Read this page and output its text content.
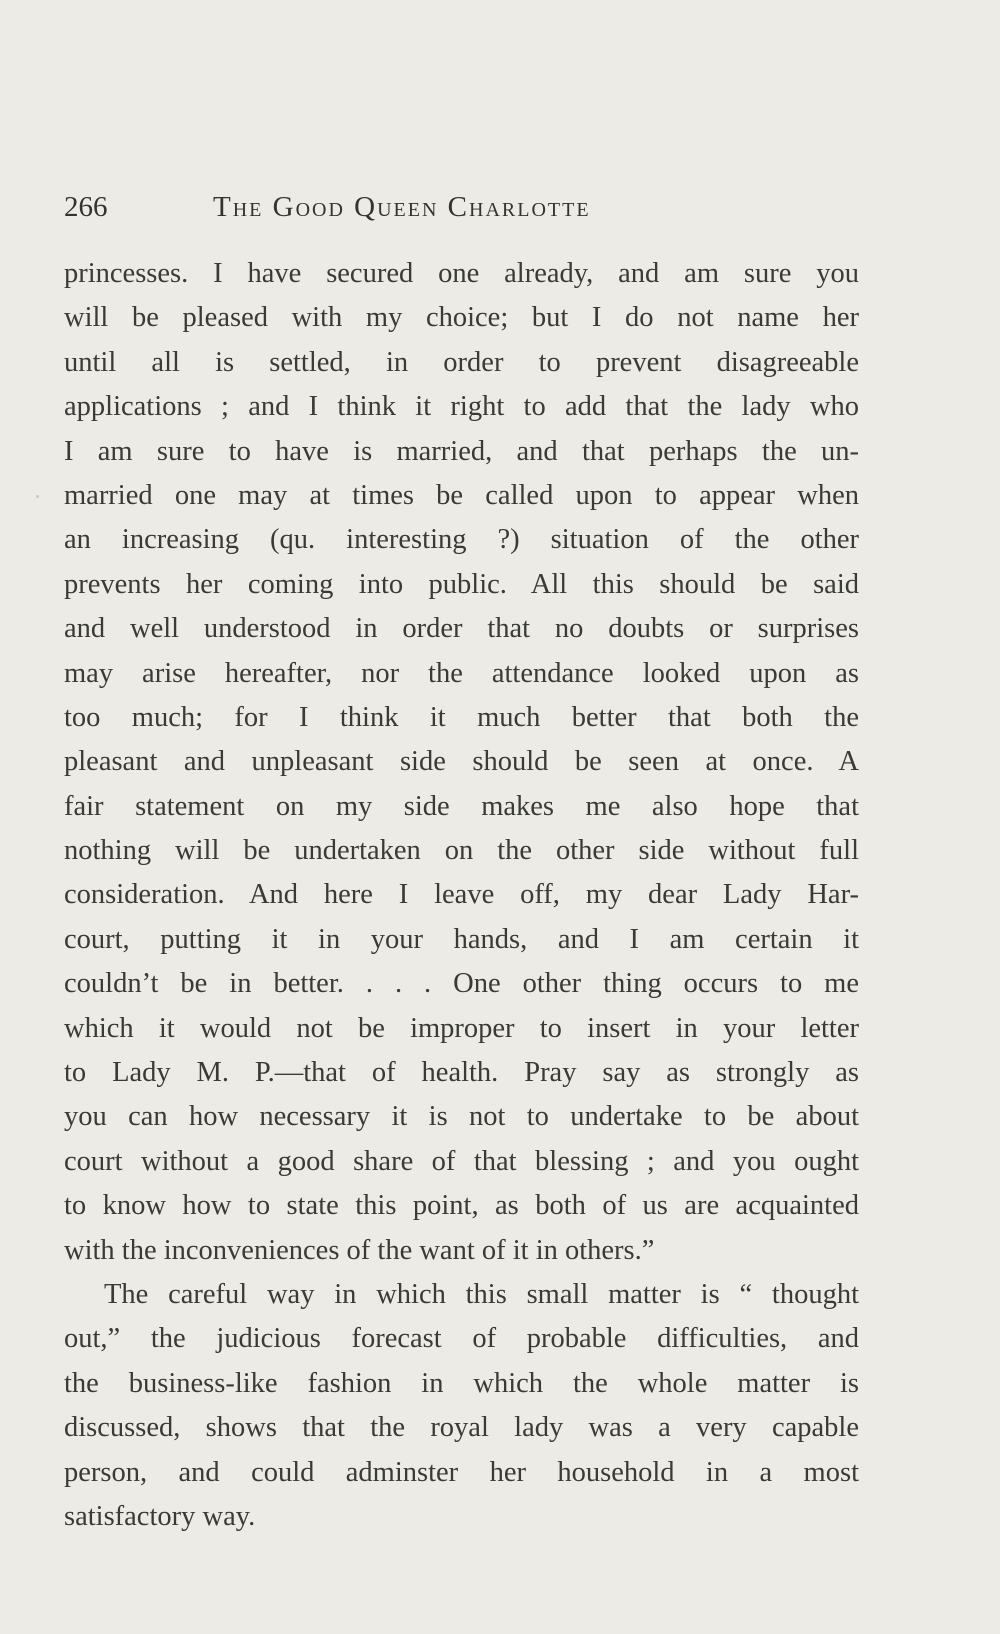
266	The Good Queen Charlotte
princesses. I have secured one already, and am sure you
will be pleased with my choice; but I do not name her
until all is settled, in order to prevent disagreeable
applications ; and I think it right to add that the lady who
I am sure to have is married, and that perhaps the un-
married one may at times be called upon to appear when
an increasing (qu. interesting ?) situation of the other
prevents her coming into public. All this should be said
and well understood in order that no doubts or surprises
may arise hereafter, nor the attendance looked upon as
too much; for I think it much better that both the
pleasant and unpleasant side should be seen at once. A
fair statement on my side makes me also hope that
nothing will be undertaken on the other side without full
consideration. And here I leave off, my dear Lady Har-
court, putting it in your hands, and I am certain it
couldn’t be in better. . . . One other thing occurs to me
which it would not be improper to insert in your letter
to Lady M. P.—that of health. Pray say as strongly as
you can how necessary it is not to undertake to be about
court without a good share of that blessing ; and you ought
to know how to state this point, as both of us are acquainted
with the inconveniences of the want of it in others.”
The careful way in which this small matter is “ thought
out,” the judicious forecast of probable difficulties, and
the business-like fashion in which the whole matter is
discussed, shows that the royal lady was a very capable
person, and could adminster her household in a most
satisfactory way.
